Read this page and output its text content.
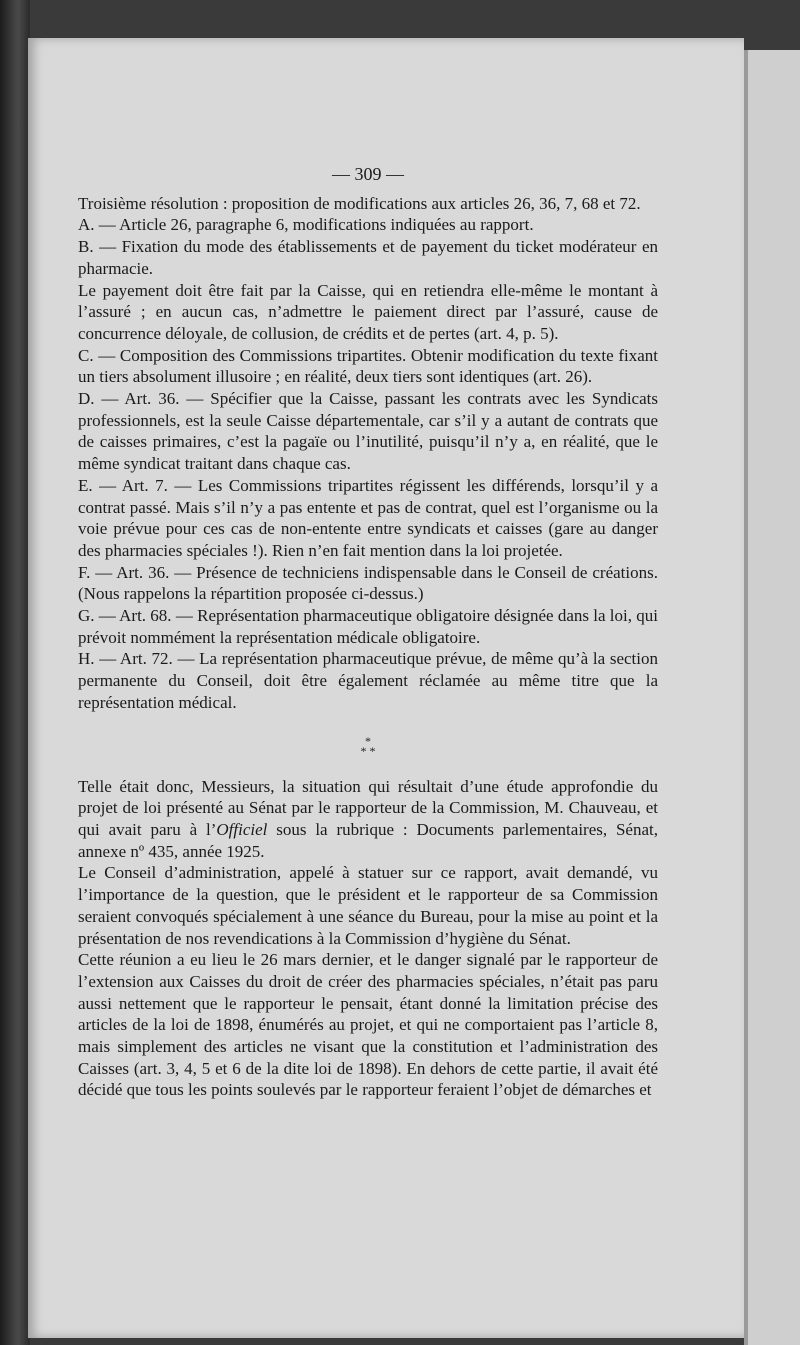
— 309 —

Troisième résolution : proposition de modifications aux articles 26, 36, 7, 68 et 72.

A. — Article 26, paragraphe 6, modifications indiquées au rapport.

B. — Fixation du mode des établissements et de payement du ticket modérateur en pharmacie.

Le payement doit être fait par la Caisse, qui en retiendra elle-même le montant à l’assuré ; en aucun cas, n’admettre le paiement direct par l’assuré, cause de concurrence déloyale, de collusion, de crédits et de pertes (art. 4, p. 5).

C. — Composition des Commissions tripartites. Obtenir modification du texte fixant un tiers absolument illusoire ; en réalité, deux tiers sont identiques (art. 26).

D. — Art. 36. — Spécifier que la Caisse, passant les contrats avec les Syndicats professionnels, est la seule Caisse départementale, car s’il y a autant de contrats que de caisses primaires, c’est la pagaïe ou l’inutilité, puisqu’il n’y a, en réalité, que le même syndicat traitant dans chaque cas.

E. — Art. 7. — Les Commissions tripartites régissent les différends, lorsqu’il y a contrat passé. Mais s’il n’y a pas entente et pas de contrat, quel est l’organisme ou la voie prévue pour ces cas de non-entente entre syndicats et caisses (gare au danger des pharmacies spéciales !). Rien n’en fait mention dans la loi projetée.

F. — Art. 36. — Présence de techniciens indispensable dans le Conseil de créations. (Nous rappelons la répartition proposée ci-dessus.)

G. — Art. 68. — Représentation pharmaceutique obligatoire désignée dans la loi, qui prévoit nommément la représentation médicale obligatoire.

H. — Art. 72. — La représentation pharmaceutique prévue, de même qu’à la section permanente du Conseil, doit être également réclamée au même titre que la représentation médical.

*
* *

Telle était donc, Messieurs, la situation qui résultait d’une étude approfondie du projet de loi présenté au Sénat par le rapporteur de la Commission, M. Chauveau, et qui avait paru à l’Officiel sous la rubrique : Documents parlementaires, Sénat, annexe nº 435, année 1925.

Le Conseil d’administration, appelé à statuer sur ce rapport, avait demandé, vu l’importance de la question, que le président et le rapporteur de sa Commission seraient convoqués spécialement à une séance du Bureau, pour la mise au point et la présentation de nos revendications à la Commission d’hygiène du Sénat.

Cette réunion a eu lieu le 26 mars dernier, et le danger signalé par le rapporteur de l’extension aux Caisses du droit de créer des pharmacies spéciales, n’était pas paru aussi nettement que le rapporteur le pensait, étant donné la limitation précise des articles de la loi de 1898, énumérés au projet, et qui ne comportaient pas l’article 8, mais simplement des articles ne visant que la constitution et l’administration des Caisses (art. 3, 4, 5 et 6 de la dite loi de 1898). En dehors de cette partie, il avait été décidé que tous les points soulevés par le rapporteur feraient l’objet de démarches et
